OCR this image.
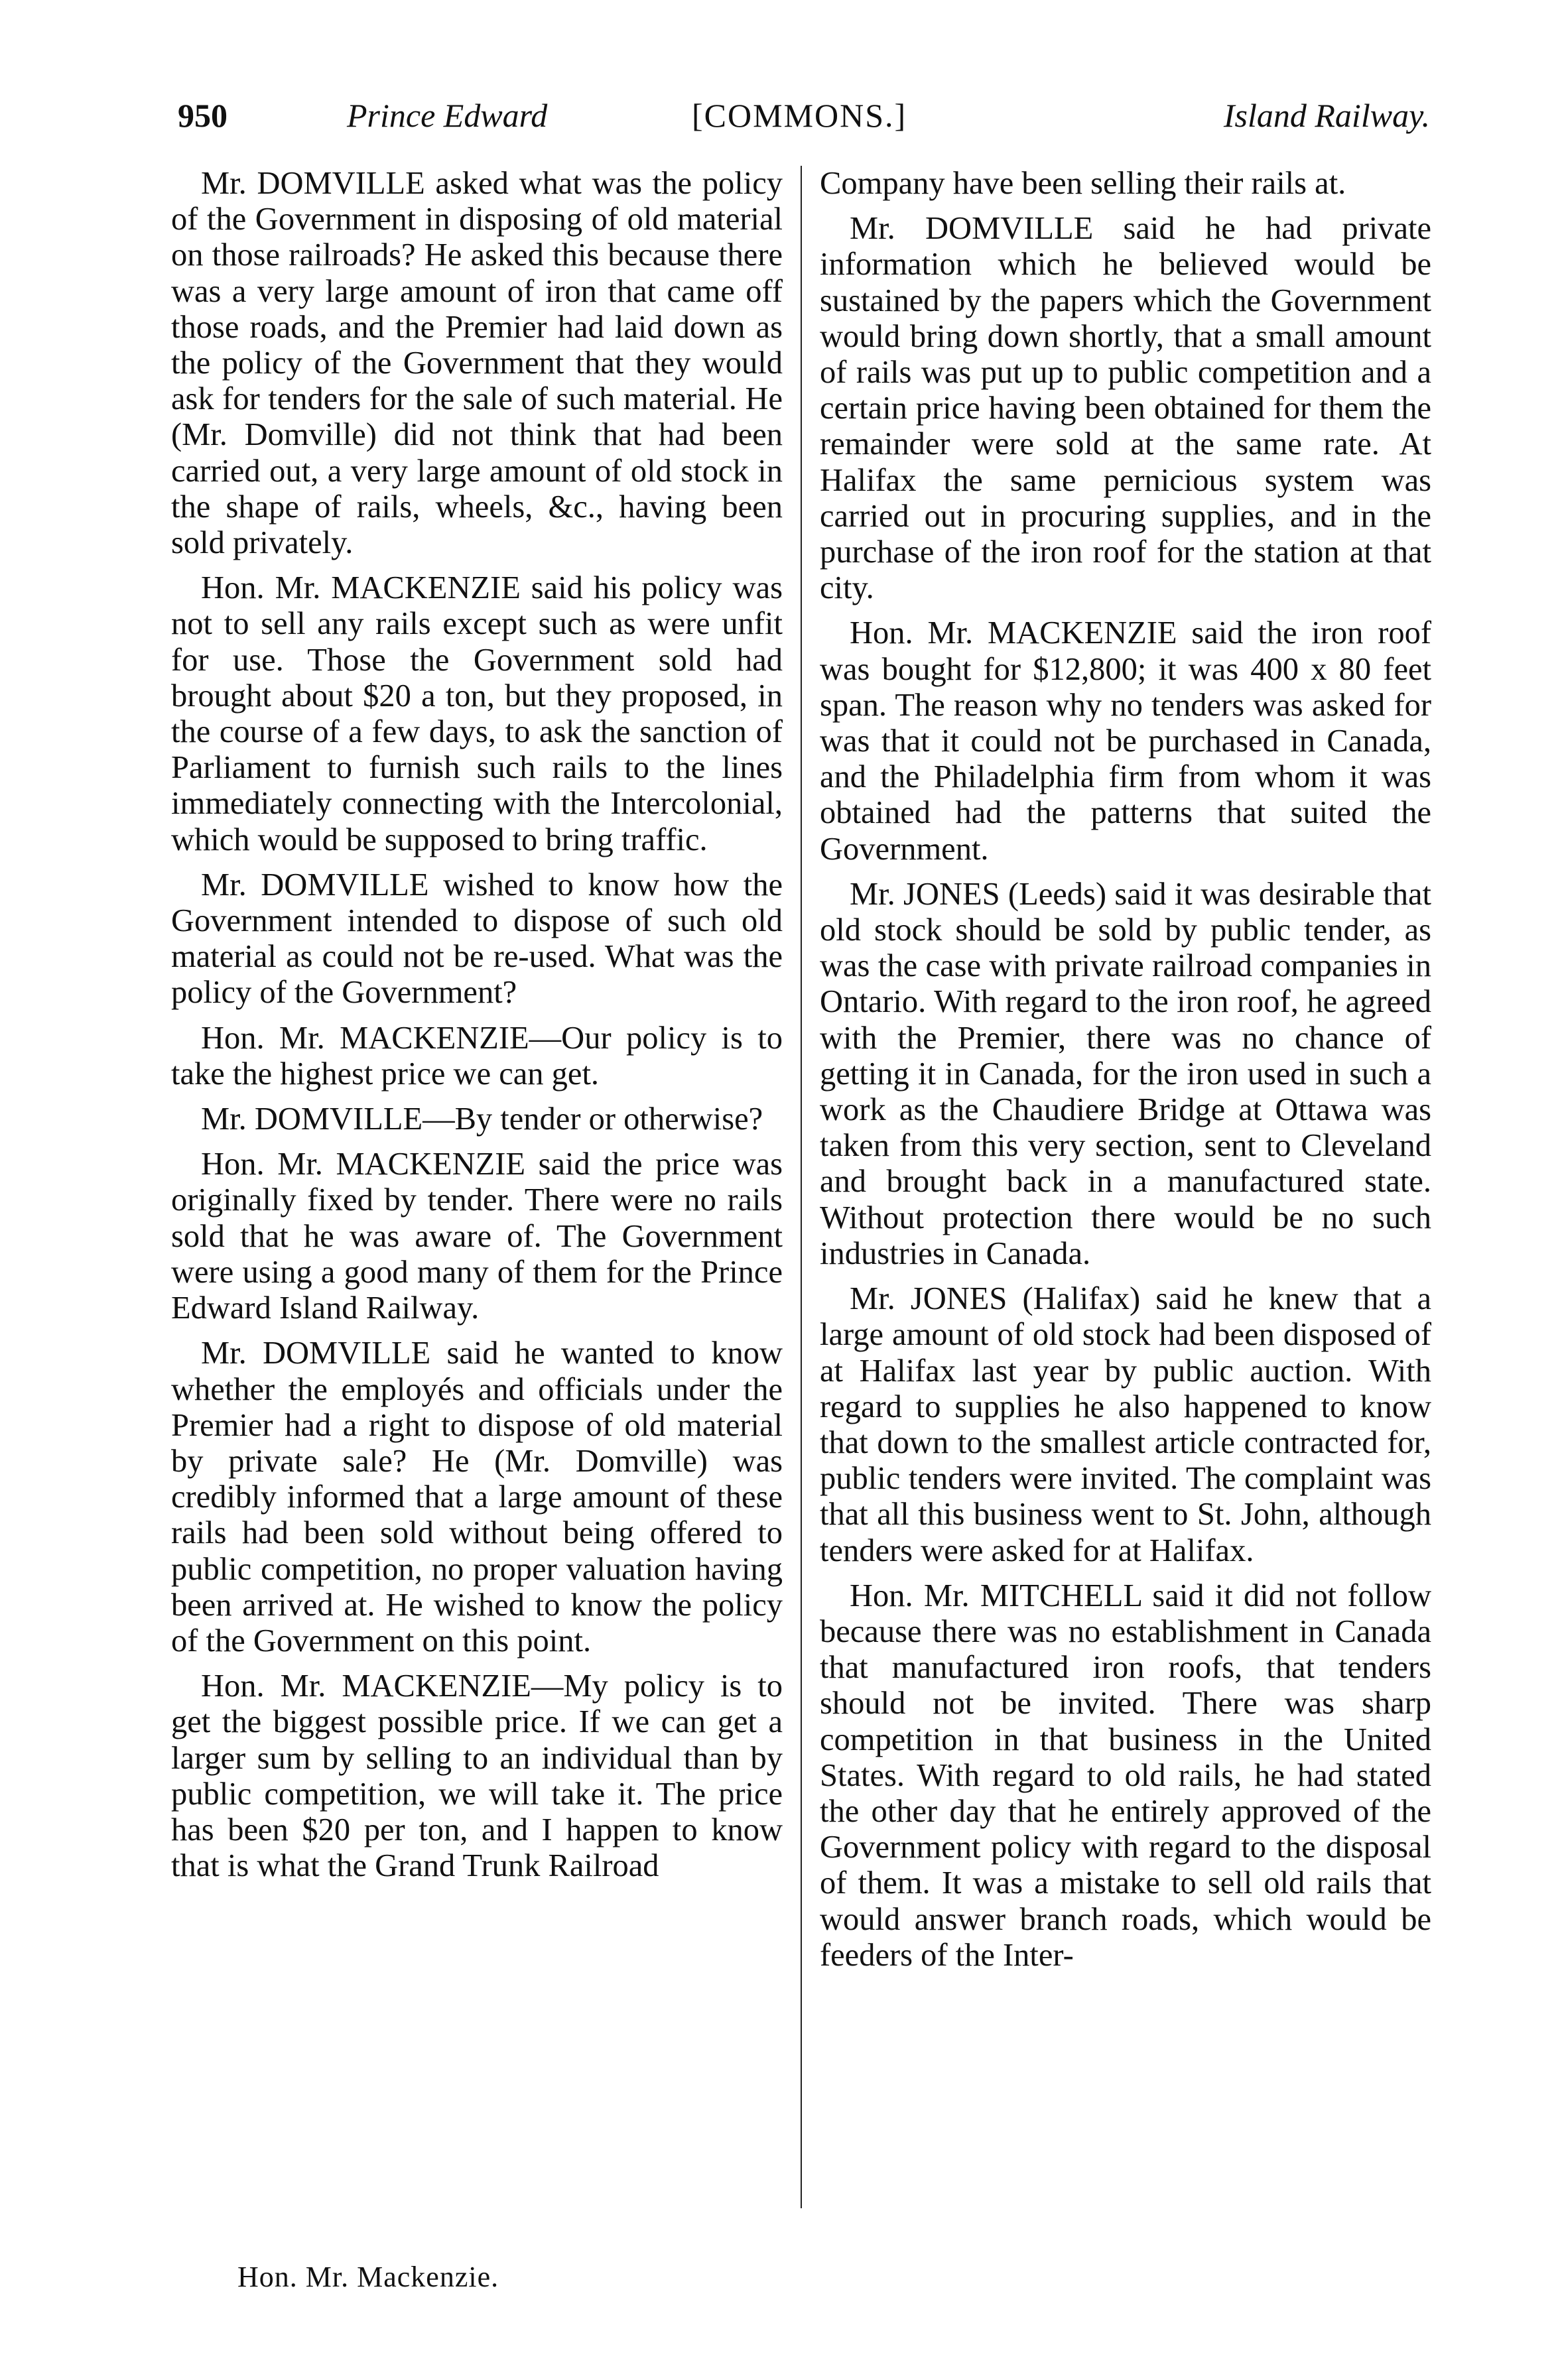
950	Prince Edward	[COMMONS.]	Island Railway.

Mr. DOMVILLE asked what was the policy of the Government in disposing of old material on those railroads? He asked this because there was a very large amount of iron that came off those roads, and the Premier had laid down as the policy of the Government that they would ask for tenders for the sale of such material. He (Mr. Domville) did not think that had been carried out, a very large amount of old stock in the shape of rails, wheels, &c., having been sold privately.

Hon. Mr. MACKENZIE said his policy was not to sell any rails except such as were unfit for use. Those the Government sold had brought about $20 a ton, but they proposed, in the course of a few days, to ask the sanction of Parliament to furnish such rails to the lines immediately connecting with the Intercolonial, which would be supposed to bring traffic.

Mr. DOMVILLE wished to know how the Government intended to dispose of such old material as could not be re-used. What was the policy of the Government?

Hon. Mr. MACKENZIE—Our policy is to take the highest price we can get.

Mr. DOMVILLE—By tender or otherwise?

Hon. Mr. MACKENZIE said the price was originally fixed by tender. There were no rails sold that he was aware of. The Government were using a good many of them for the Prince Edward Island Railway.

Mr. DOMVILLE said he wanted to know whether the employés and officials under the Premier had a right to dispose of old material by private sale? He (Mr. Domville) was credibly informed that a large amount of these rails had been sold without being offered to public competition, no proper valuation having been arrived at. He wished to know the policy of the Government on this point.

Hon. Mr. MACKENZIE—My policy is to get the biggest possible price. If we can get a larger sum by selling to an individual than by public competition, we will take it. The price has been $20 per ton, and I happen to know that is what the Grand Trunk Railroad

Company have been selling their rails at.

Mr. DOMVILLE said he had private information which he believed would be sustained by the papers which the Government would bring down shortly, that a small amount of rails was put up to public competition and a certain price having been obtained for them the remainder were sold at the same rate. At Halifax the same pernicious system was carried out in procuring supplies, and in the purchase of the iron roof for the station at that city.

Hon. Mr. MACKENZIE said the iron roof was bought for $12,800; it was 400 x 80 feet span. The reason why no tenders was asked for was that it could not be purchased in Canada, and the Philadelphia firm from whom it was obtained had the patterns that suited the Government.

Mr. JONES (Leeds) said it was desirable that old stock should be sold by public tender, as was the case with private railroad companies in Ontario. With regard to the iron roof, he agreed with the Premier, there was no chance of getting it in Canada, for the iron used in such a work as the Chaudiere Bridge at Ottawa was taken from this very section, sent to Cleveland and brought back in a manufactured state. Without protection there would be no such industries in Canada.

Mr. JONES (Halifax) said he knew that a large amount of old stock had been disposed of at Halifax last year by public auction. With regard to supplies he also happened to know that down to the smallest article contracted for, public tenders were invited. The complaint was that all this business went to St. John, although tenders were asked for at Halifax.

Hon. Mr. MITCHELL said it did not follow because there was no establishment in Canada that manufactured iron roofs, that tenders should not be invited. There was sharp competition in that business in the United States. With regard to old rails, he had stated the other day that he entirely approved of the Government policy with regard to the disposal of them. It was a mistake to sell old rails that would answer branch roads, which would be feeders of the Inter-

Hon. Mr. Mackenzie.
